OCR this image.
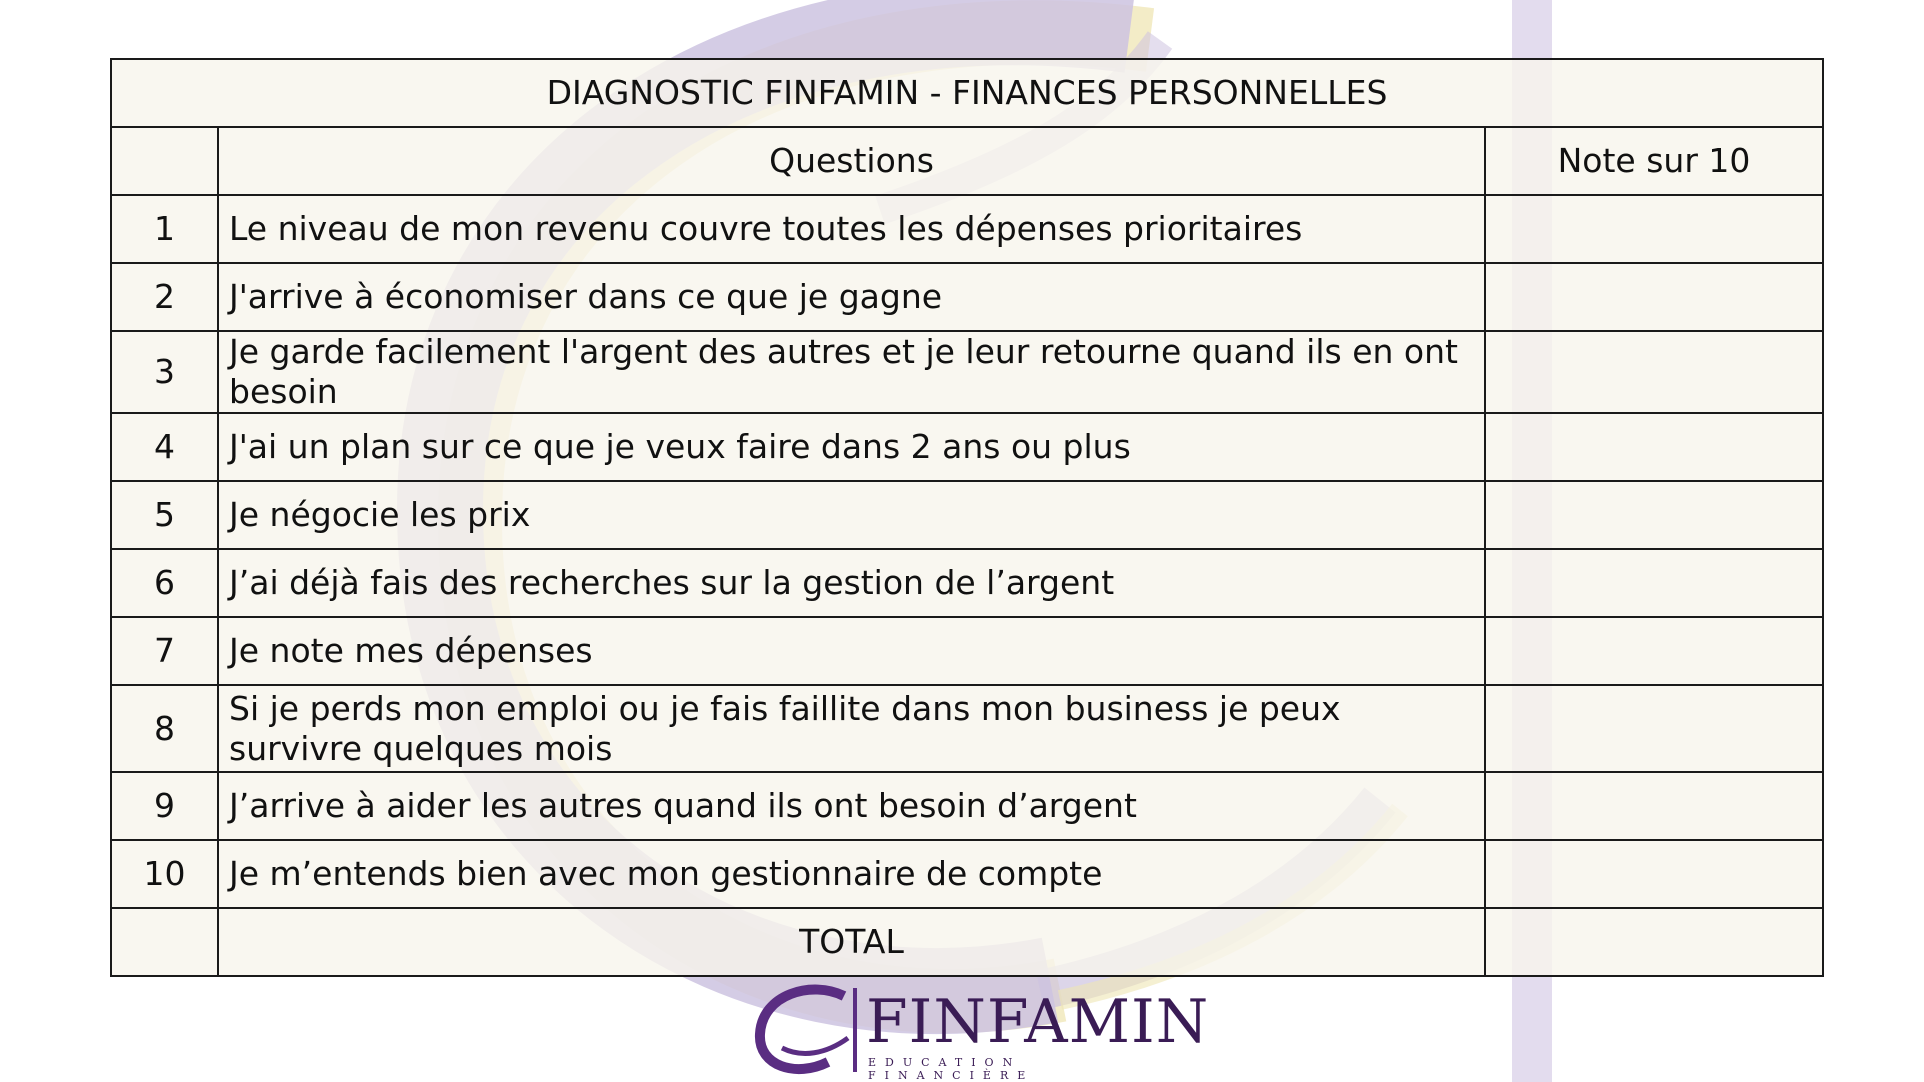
DIAGNOSTIC FINFAMIN - FINANCES PERSONNELLES		
	Questions	Note sur 10
1	Le niveau de mon revenu couvre toutes les dépenses prioritaires	

2	J'arrive à économiser dans ce que je gagne	

3	Je garde facilement l'argent des autres et je leur retourne quand ils en ont besoin	

4	J'ai un plan sur ce que je veux faire dans 2 ans ou plus	

5	Je négocie les prix	

6	J’ai déjà fais des recherches sur la gestion de l’argent	

7	Je note mes dépenses	

8	Si je perds mon emploi ou je fais faillite dans mon business je peux
survivre quelques mois	

9	J’arrive à aider les autres quand ils ont besoin d’argent	

10	Je m’entends bien avec mon gestionnaire de compte	

	TOTAL	
FINFAMIN
EDUCATION FINANCIÈRE
